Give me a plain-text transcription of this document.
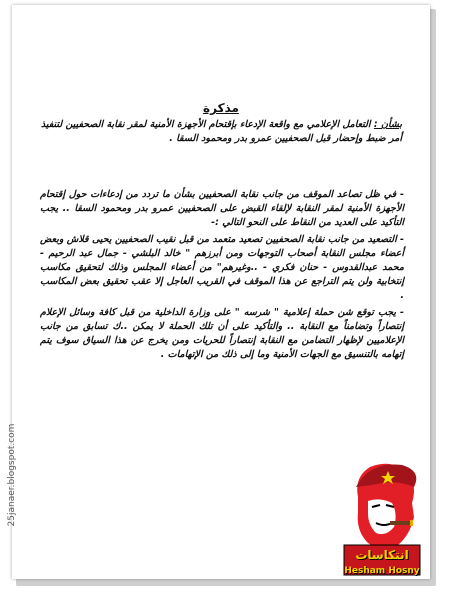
مذكرة
بشأن : التعامل الإعلامي مع واقعة الإدعاء بإقتحام الأجهزة الأمنية لمقر نقابة الصحفيين لتنفيذ أمر ضبط وإحضار قبل الصحفيين عمرو بدر ومحمود السقا .

- في ظل تصاعد الموقف من جانب نقابة الصحفيين بشأن ما تردد من إدعاءات حول إقتحام الأجهزة الأمنية لمقر النقابة لإلقاء القبض على الصحفيين عمرو بدر ومحمود السقا .. يجب التأكيد على العديد من النقاط على النحو التالي :-

- التصعيد من جانب نقابة الصحفيين تصعيد متعمد من قبل نقيب الصحفيين يحيى قلاش وبعض أعضاء مجلس النقابة أصحاب التوجهات ومن أبرزهم " خالد البلشي - جمال عبد الرحيم - محمد عبدالقدوس - حنان فكري - ..وغيرهم" من أعضاء المجلس وذلك لتحقيق مكاسب إنتخابية ولن يتم التراجع عن هذا الموقف في القريب العاجل إلا عقب تحقيق بعض المكاسب .

- يجب توقع شن حملة إعلامية " شرسه " على وزارة الداخلية من قبل كافة وسائل الإعلام إنتصاراً وتضامناً مع النقابة .. والتأكيد على أن تلك الحملة لا يمكن ..ك تسابق من جانب الإعلاميين لإظهار التضامن مع النقابة إنتصاراً للحريات ومن يخرج عن هذا السياق سوف يتم إتهامه بالتنسيق مع الجهات الأمنية وما إلى ذلك من الإتهامات .

25janaer.blogspot.com
انتكاسات
Hesham Hosny
